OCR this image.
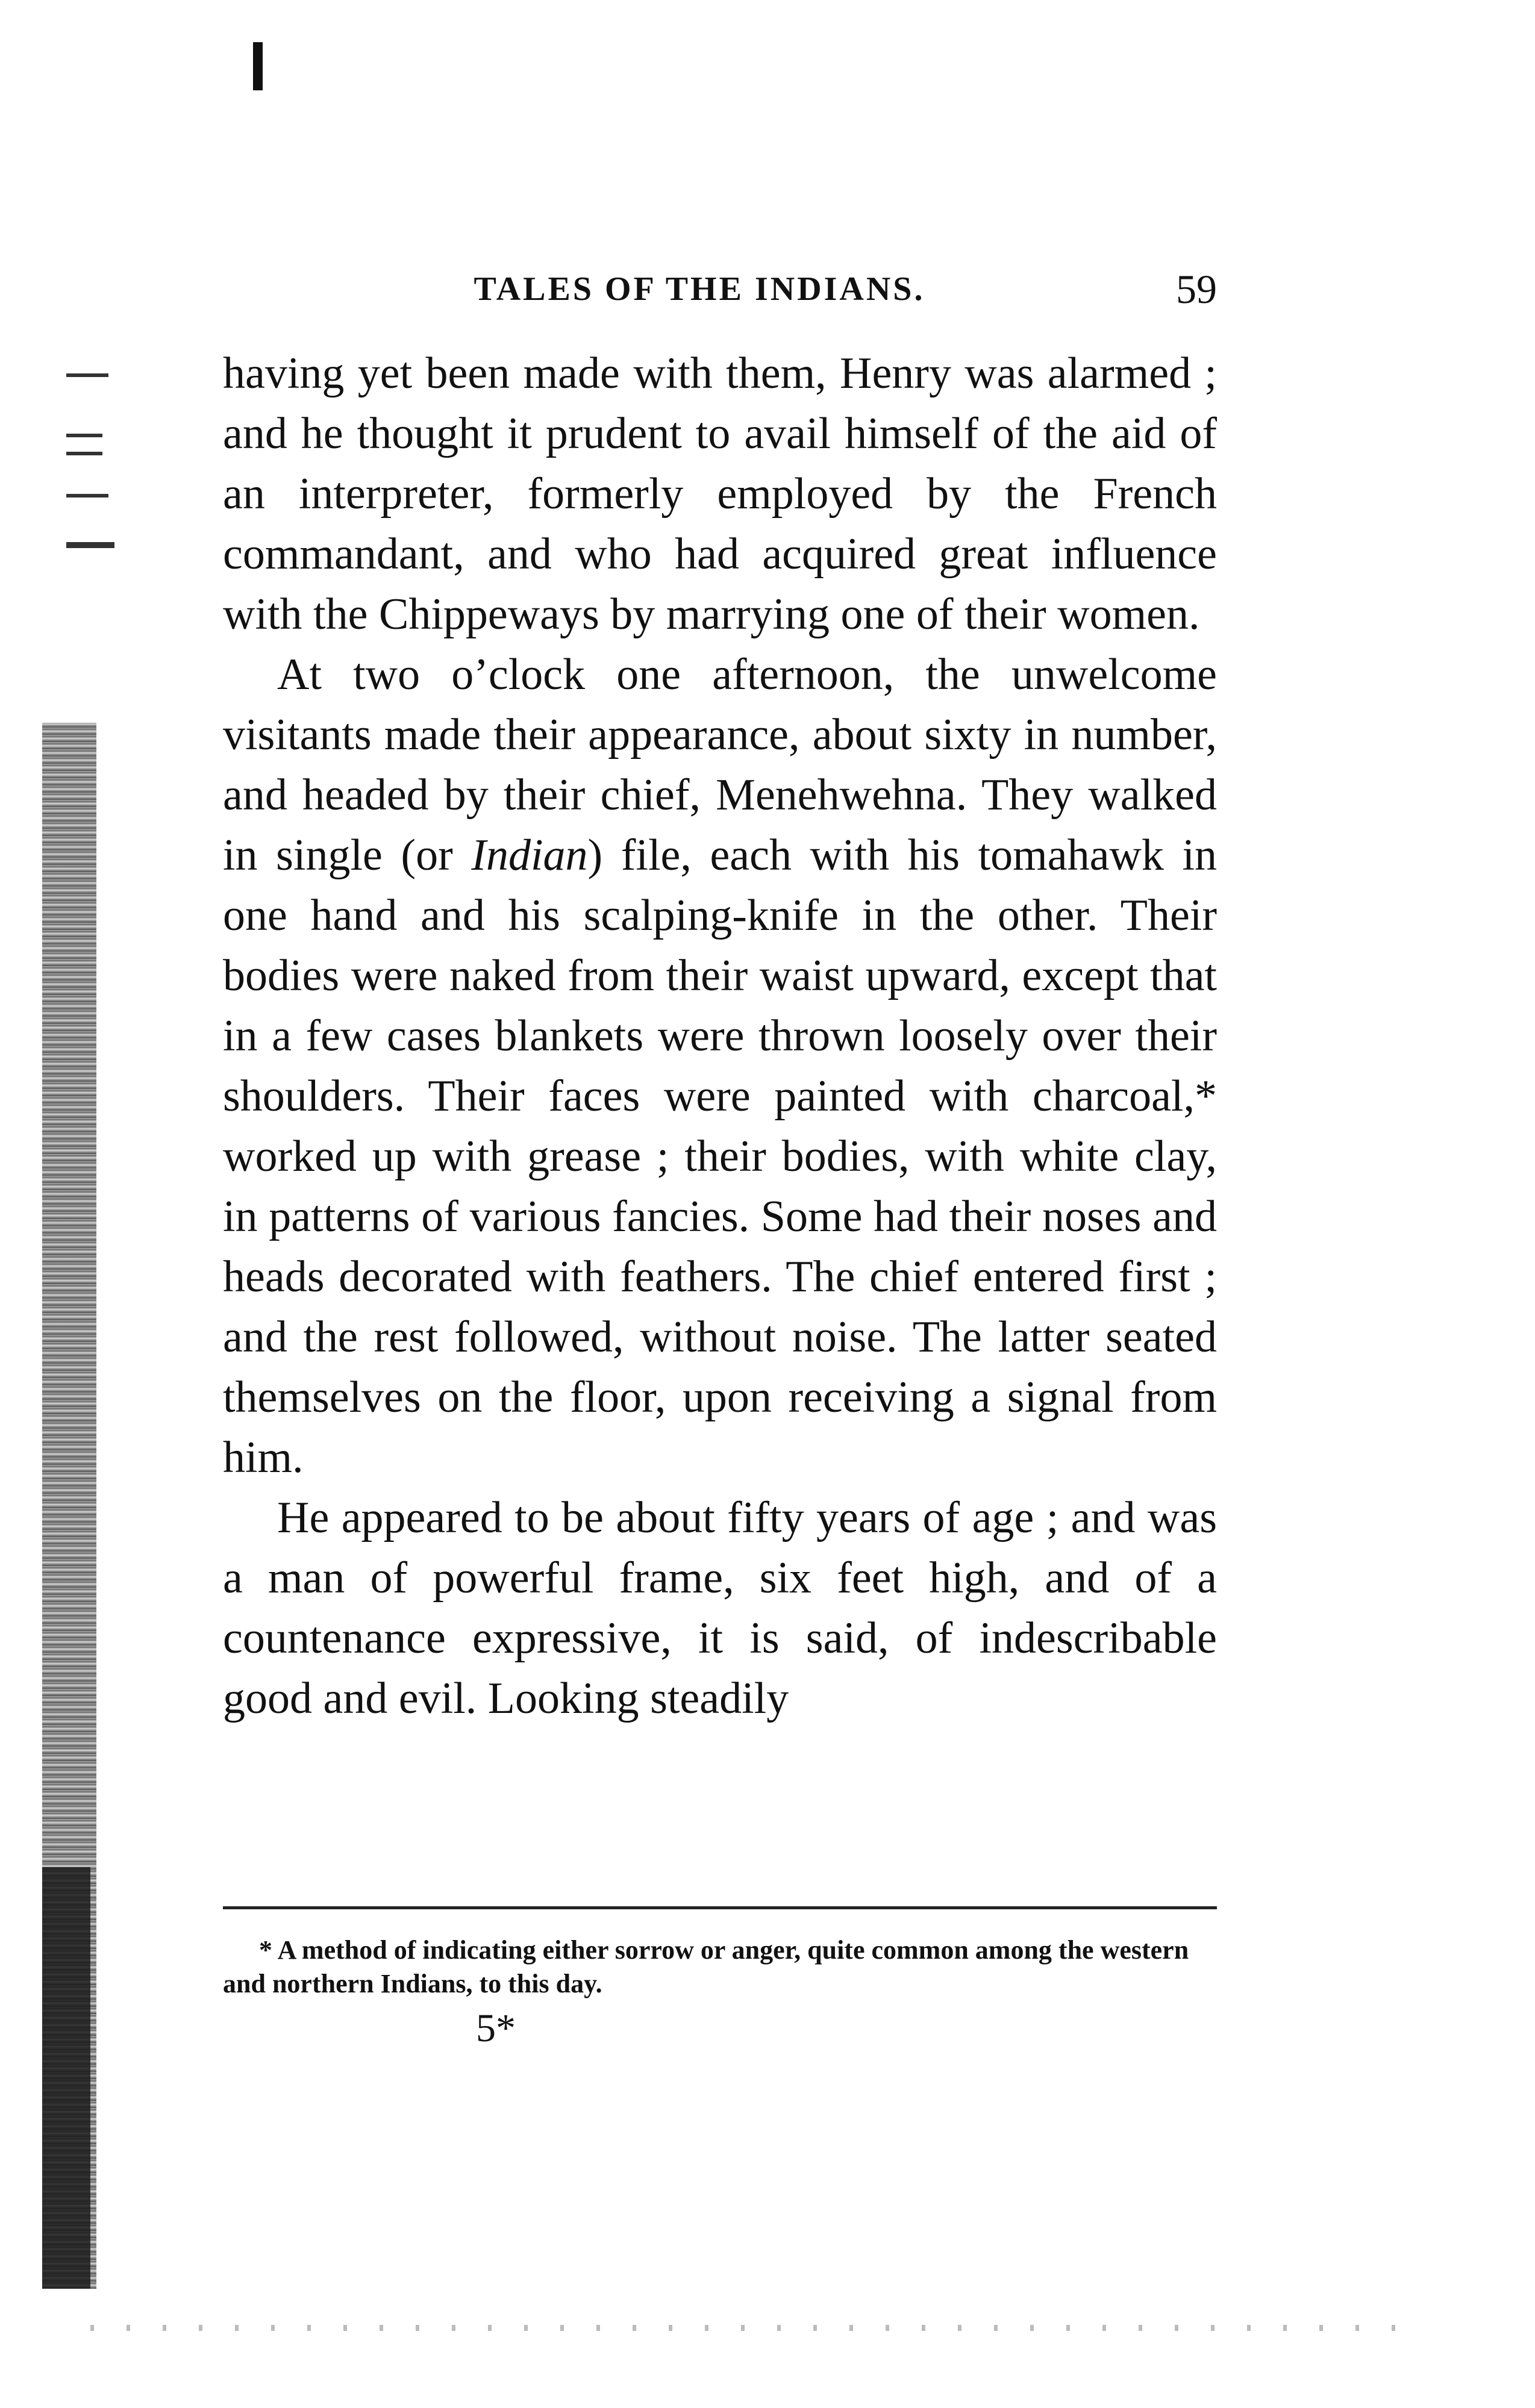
TALES OF THE INDIANS.	59

having yet been made with them, Henry was alarmed ; and he thought it prudent to avail himself of the aid of an interpreter, formerly employed by the French commandant, and who had acquired great influence with the Chippeways by marrying one of their women.

At two o’clock one afternoon, the unwelcome visitants made their appearance, about sixty in number, and headed by their chief, Menehwehna. They walked in single (or Indian) file, each with his tomahawk in one hand and his scalping-knife in the other. Their bodies were naked from their waist upward, except that in a few cases blankets were thrown loosely over their shoulders. Their faces were painted with charcoal,* worked up with grease ; their bodies, with white clay, in patterns of various fancies. Some had their noses and heads decorated with feathers. The chief entered first ; and the rest followed, without noise. The latter seated themselves on the floor, upon receiving a signal from him.

He appeared to be about fifty years of age ; and was a man of powerful frame, six feet high, and of a countenance expressive, it is said, of indescribable good and evil. Looking steadily

* A method of indicating either sorrow or anger, quite common among the western and northern Indians, to this day.

5*
